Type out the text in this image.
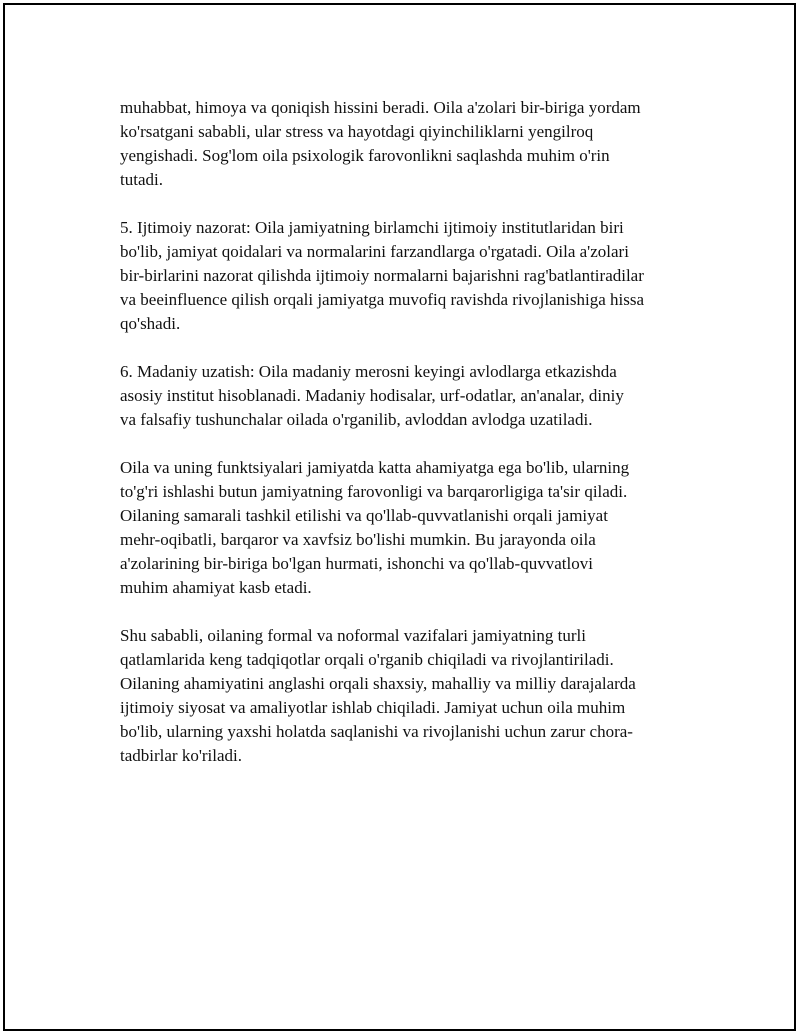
muhabbat, himoya va qoniqish hissini beradi. Oila a'zolari bir-biriga yordam
ko'rsatgani sababli, ular stress va hayotdagi qiyinchiliklarni yengilroq
yengishadi. Sog'lom oila psixologik farovonlikni saqlashda muhim o'rin
tutadi.

5. Ijtimoiy nazorat: Oila jamiyatning birlamchi ijtimoiy institutlaridan biri
bo'lib, jamiyat qoidalari va normalarini farzandlarga o'rgatadi. Oila a'zolari
bir-birlarini nazorat qilishda ijtimoiy normalarni bajarishni rag'batlantiradilar
va beeinfluence qilish orqali jamiyatga muvofiq ravishda rivojlanishiga hissa
qo'shadi.

6. Madaniy uzatish: Oila madaniy merosni keyingi avlodlarga etkazishda
asosiy institut hisoblanadi. Madaniy hodisalar, urf-odatlar, an'analar, diniy
va falsafiy tushunchalar oilada o'rganilib, avloddan avlodga uzatiladi.

Oila va uning funktsiyalari jamiyatda katta ahamiyatga ega bo'lib, ularning
to'g'ri ishlashi butun jamiyatning farovonligi va barqarorligiga ta'sir qiladi.
Oilaning samarali tashkil etilishi va qo'llab-quvvatlanishi orqali jamiyat
mehr-oqibatli, barqaror va xavfsiz bo'lishi mumkin. Bu jarayonda oila
a'zolarining bir-biriga bo'lgan hurmati, ishonchi va qo'llab-quvvatlovi
muhim ahamiyat kasb etadi.

Shu sababli, oilaning formal va noformal vazifalari jamiyatning turli
qatlamlarida keng tadqiqotlar orqali o'rganib chiqiladi va rivojlantiriladi.
Oilaning ahamiyatini anglashi orqali shaxsiy, mahalliy va milliy darajalarda
ijtimoiy siyosat va amaliyotlar ishlab chiqiladi. Jamiyat uchun oila muhim
bo'lib, ularning yaxshi holatda saqlanishi va rivojlanishi uchun zarur chora-
tadbirlar ko'riladi.
